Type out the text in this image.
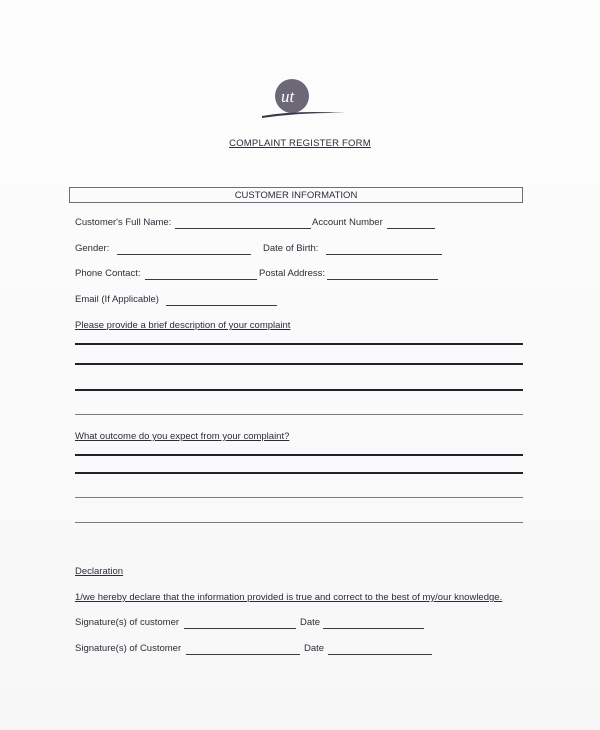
ut
COMPLAINT REGISTER FORM
CUSTOMER INFORMATION
Customer's Full Name:	Account Number
Gender:	Date of Birth:
Phone Contact:	Postal Address:
Email (If Applicable)
Please provide a brief description of your complaint
What outcome do you expect from your complaint?
Declaration
1/we hereby declare that the information provided is true and correct to the best of my/our knowledge.
Signature(s) of customer	Date
Signature(s) of Customer	Date
